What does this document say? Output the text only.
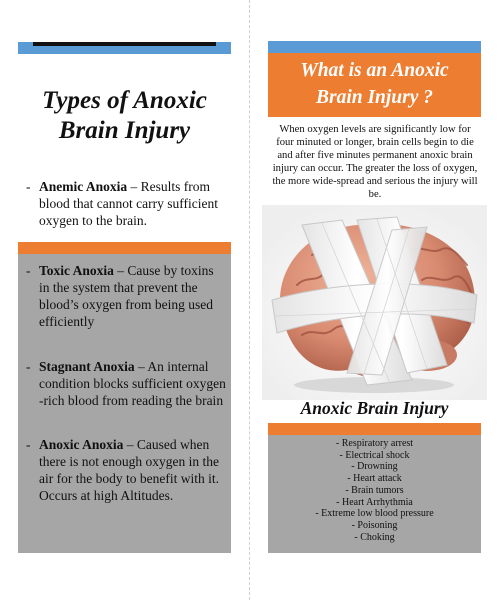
Types of Anoxic
Brain Injury
- Anemic Anoxia – Results from blood that cannot carry sufficient oxygen to the brain.
- Toxic Anoxia – Cause by toxins in the system that prevent the blood’s oxygen from being used efficiently
- Stagnant Anoxia – An internal condition blocks sufficient oxygen -rich blood from reading the brain
- Anoxic Anoxia – Caused when there is not enough oxygen in the air for the body to benefit with it. Occurs at high Altitudes.
What is an Anoxic
Brain Injury ?
When oxygen levels are significantly low for four minuted or longer, brain cells begin to die and after five minutes permanent anoxic brain injury can occur. The greater the loss of oxygen, the more wide-spread and serious the injury will be.
Anoxic Brain Injury
- Respiratory arrest
- Electrical shock
- Drowning
- Heart attack
- Brain tumors
- Heart Arrhythmia
- Extreme low blood pressure
- Poisoning
- Choking
